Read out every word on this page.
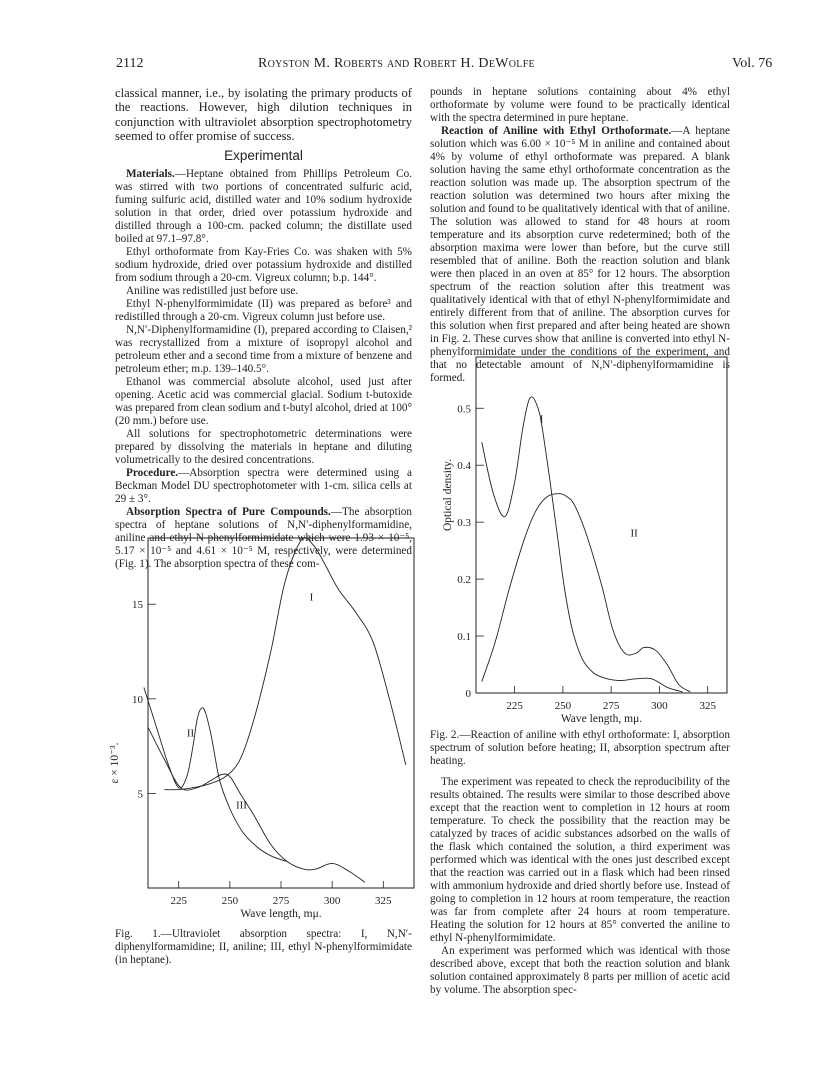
2112	Royston M. Roberts and Robert H. DeWolfe	Vol. 76

classical manner, i.e., by isolating the primary products of the reactions. However, high dilution techniques in conjunction with ultraviolet absorption spectrophotometry seemed to offer promise of success.

Experimental

Materials.—Heptane obtained from Phillips Petroleum Co. was stirred with two portions of concentrated sulfuric acid, fuming sulfuric acid, distilled water and 10% sodium hydroxide solution in that order, dried over potassium hydroxide and distilled through a 100-cm. packed column; the distillate used boiled at 97.1–97.8°.

Ethyl orthoformate from Kay-Fries Co. was shaken with 5% sodium hydroxide, dried over potassium hydroxide and distilled from sodium through a 20-cm. Vigreux column; b.p. 144°.

Aniline was redistilled just before use.

Ethyl N-phenylformimidate (II) was prepared as before³ and redistilled through a 20-cm. Vigreux column just before use.

N,N′-Diphenylformamidine (I), prepared according to Claisen,² was recrystallized from a mixture of isopropyl alcohol and petroleum ether and a second time from a mixture of benzene and petroleum ether; m.p. 139–140.5°.

Ethanol was commercial absolute alcohol, used just after opening. Acetic acid was commercial glacial. Sodium t-butoxide was prepared from clean sodium and t-butyl alcohol, dried at 100° (20 mm.) before use.

All solutions for spectrophotometric determinations were prepared by dissolving the materials in heptane and diluting volumetrically to the desired concentrations.

Procedure.—Absorption spectra were determined using a Beckman Model DU spectrophotometer with 1-cm. silica cells at 29 ± 3°.

Absorption Spectra of Pure Compounds.—The absorption spectra of heptane solutions of N,N′-diphenylformamidine, aniline and ethyl N-phenylformimidate which were 1.93 × 10⁻⁵, 5.17 × 10⁻⁵ and 4.61 × 10⁻⁵ M, respectively, were determined (Fig. 1). The absorption spectra of these com-

pounds in heptane solutions containing about 4% ethyl orthoformate by volume were found to be practically identical with the spectra determined in pure heptane.

Reaction of Aniline with Ethyl Orthoformate.—A heptane solution which was 6.00 × 10⁻⁵ M in aniline and contained about 4% by volume of ethyl orthoformate was prepared. A blank solution having the same ethyl orthoformate concentration as the reaction solution was made up. The absorption spectrum of the reaction solution was determined two hours after mixing the solution and found to be qualitatively identical with that of aniline. The solution was allowed to stand for 48 hours at room temperature and its absorption curve redetermined; both of the absorption maxima were lower than before, but the curve still resembled that of aniline. Both the reaction solution and blank were then placed in an oven at 85° for 12 hours. The absorption spectrum of the reaction solution after this treatment was qualitatively identical with that of ethyl N-phenylformimidate and entirely different from that of aniline. The absorption curves for this solution when first prepared and after being heated are shown in Fig. 2. These curves show that aniline is converted into ethyl N-phenylformimidate under the conditions of the experiment, and that no detectable amount of N,N′-diphenylformamidine is formed.

225	250	275	300	325
5
10
15
Wave length, mμ.
ε × 10⁻³.
I
II
III
Fig. 1.—Ultraviolet absorption spectra: I, N,N′-diphenylformamidine; II, aniline; III, ethyl N-phenylformimidate (in heptane).
225	250	275	300	325
0
0.1
0.2
0.3
0.4
0.5
Wave length, mμ.
Optical density.
I
II
Fig. 2.—Reaction of aniline with ethyl orthoformate: I, absorption spectrum of solution before heating; II, absorption spectrum after heating.

The experiment was repeated to check the reproducibility of the results obtained. The results were similar to those described above except that the reaction went to completion in 12 hours at room temperature. To check the possibility that the reaction may be catalyzed by traces of acidic substances adsorbed on the walls of the flask which contained the solution, a third experiment was performed which was identical with the ones just described except that the reaction was carried out in a flask which had been rinsed with ammonium hydroxide and dried shortly before use. Instead of going to completion in 12 hours at room temperature, the reaction was far from complete after 24 hours at room temperature. Heating the solution for 12 hours at 85° converted the aniline to ethyl N-phenylformimidate.

An experiment was performed which was identical with those described above, except that both the reaction solution and blank solution contained approximately 8 parts per million of acetic acid by volume. The absorption spec-
